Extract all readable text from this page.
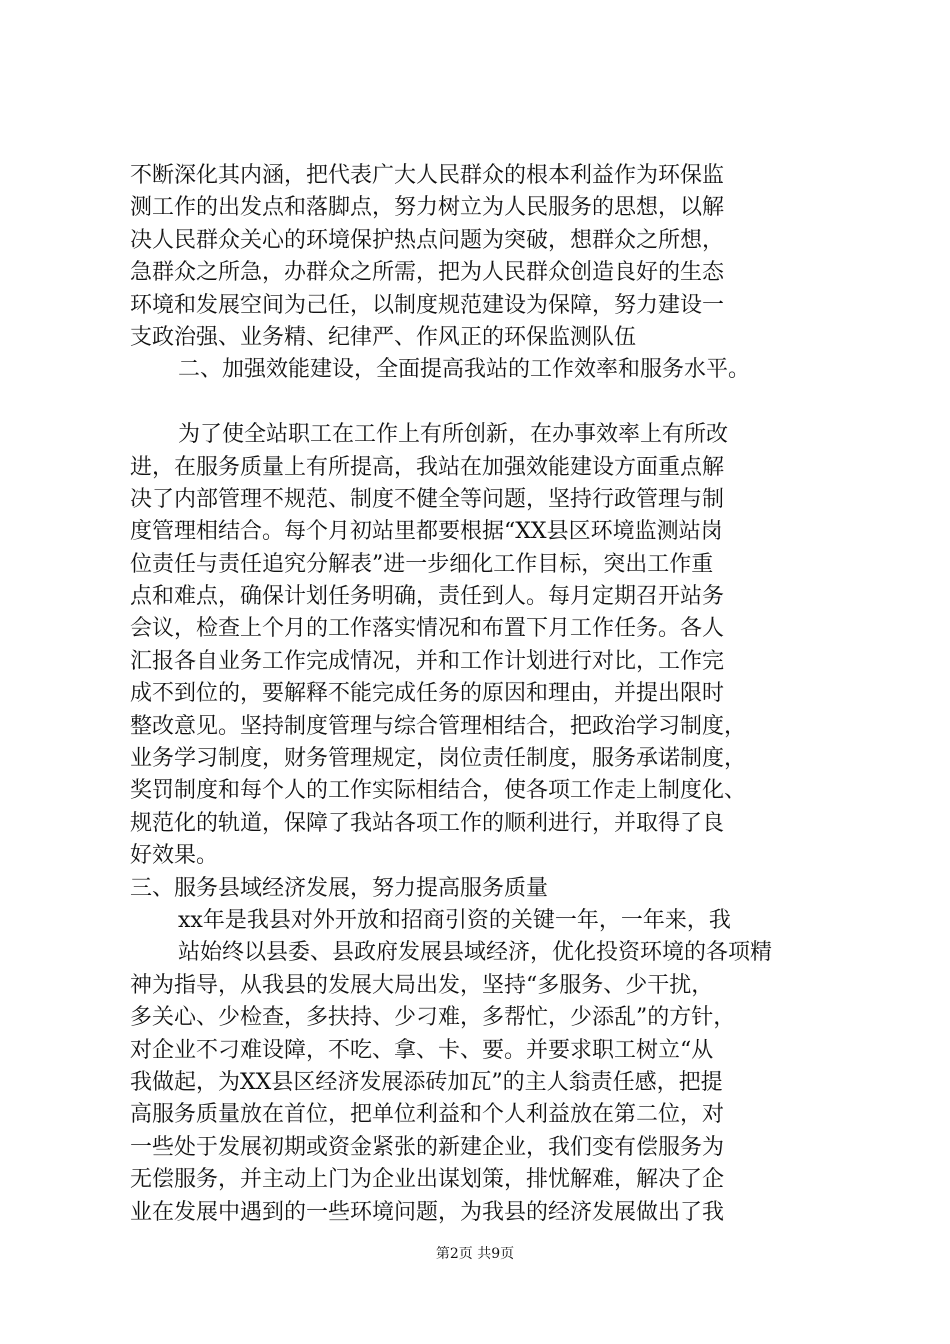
不断深化其内涵，把代表广大人民群众的根本利益作为环保监
测工作的出发点和落脚点，努力树立为人民服务的思想，以解
决人民群众关心的环境保护热点问题为突破，想群众之所想，
急群众之所急，办群众之所需，把为人民群众创造良好的生态
环境和发展空间为己任，以制度规范建设为保障，努力建设一
支政治强、业务精、纪律严、作风正的环保监测队伍
二、加强效能建设，全面提高我站的工作效率和服务水平。
为了使全站职工在工作上有所创新，在办事效率上有所改
进，在服务质量上有所提高，我站在加强效能建设方面重点解
决了内部管理不规范、制度不健全等问题，坚持行政管理与制
度管理相结合。每个月初站里都要根据“XX县区环境监测站岗
位责任与责任追究分解表”进一步细化工作目标，突出工作重
点和难点，确保计划任务明确，责任到人。每月定期召开站务
会议，检查上个月的工作落实情况和布置下月工作任务。各人
汇报各自业务工作完成情况，并和工作计划进行对比，工作完
成不到位的，要解释不能完成任务的原因和理由，并提出限时
整改意见。坚持制度管理与综合管理相结合，把政治学习制度，
业务学习制度，财务管理规定，岗位责任制度，服务承诺制度，
奖罚制度和每个人的工作实际相结合，使各项工作走上制度化、
规范化的轨道，保障了我站各项工作的顺利进行，并取得了良
好效果。
三、服务县域经济发展，努力提高服务质量
xx年是我县对外开放和招商引资的关键一年，一年来，我
站始终以县委、县政府发展县域经济，优化投资环境的各项精
神为指导，从我县的发展大局出发，坚持“多服务、少干扰，
多关心、少检查，多扶持、少刁难，多帮忙，少添乱”的方针，
对企业不刁难设障，不吃、拿、卡、要。并要求职工树立“从
我做起，为XX县区经济发展添砖加瓦”的主人翁责任感，把提
高服务质量放在首位，把单位利益和个人利益放在第二位，对
一些处于发展初期或资金紧张的新建企业，我们变有偿服务为
无偿服务，并主动上门为企业出谋划策，排忧解难，解决了企
业在发展中遇到的一些环境问题，为我县的经济发展做出了我
第2页 共9页
